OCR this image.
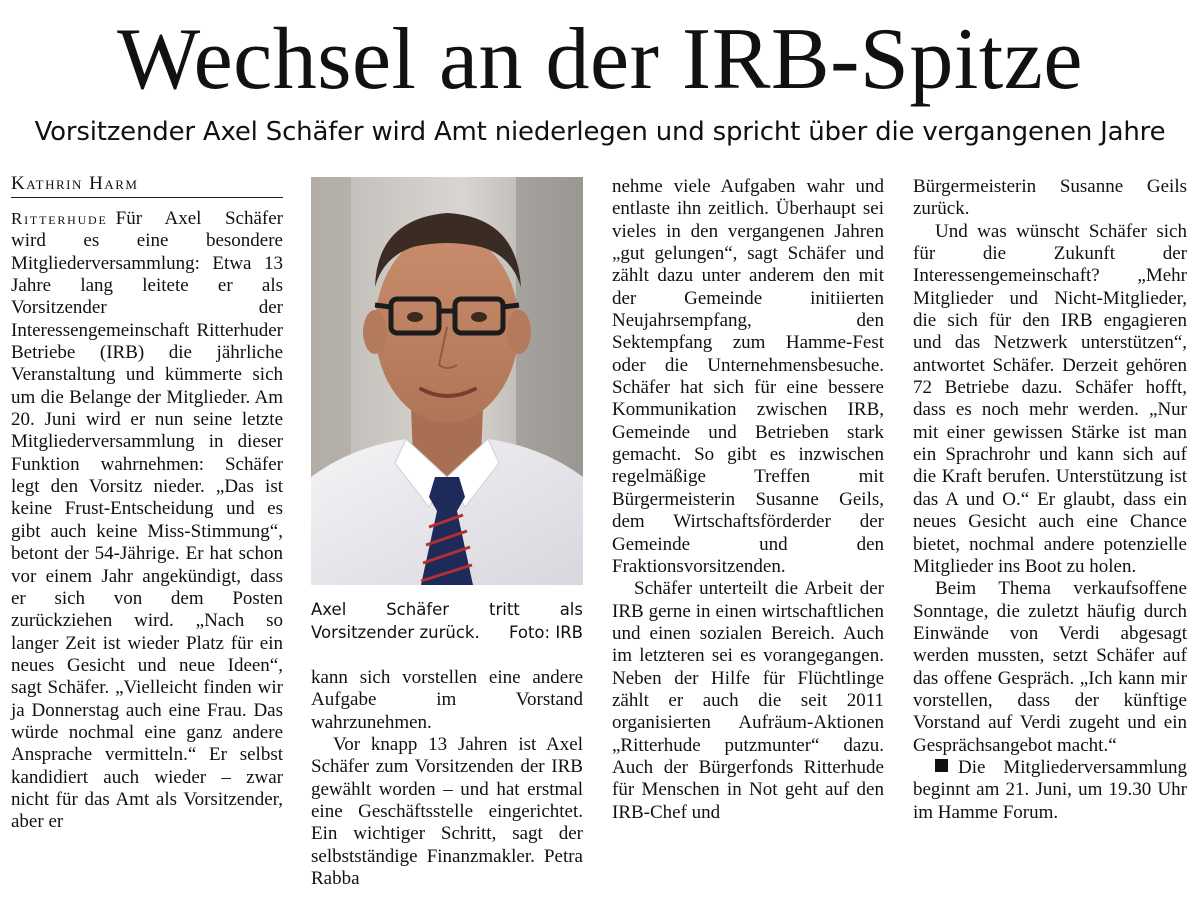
Wechsel an der IRB-Spitze
Vorsitzender Axel Schäfer wird Amt niederlegen und spricht über die vergangenen Jahre
Kathrin Harm

Ritterhude Für Axel Schäfer wird es eine besondere Mitgliederversammlung: Etwa 13 Jahre lang leitete er als Vorsitzender der Interessengemeinschaft Ritterhuder Betriebe (IRB) die jährliche Veranstaltung und kümmerte sich um die Belange der Mitglieder. Am 20. Juni wird er nun seine letzte Mitgliederversammlung in dieser Funktion wahrnehmen: Schäfer legt den Vorsitz nieder. „Das ist keine Frust-Entscheidung und es gibt auch keine Miss-Stimmung“, betont der 54-Jährige. Er hat schon vor einem Jahr angekündigt, dass er sich von dem Posten zurückziehen wird. „Nach so langer Zeit ist wieder Platz für ein neues Gesicht und neue Ideen“, sagt Schäfer. „Vielleicht finden wir ja Donnerstag auch eine Frau. Das würde nochmal eine ganz andere Ansprache vermitteln.“ Er selbst kandidiert auch wieder – zwar nicht für das Amt als Vorsitzender, aber er

Axel Schäfer tritt als Vorsitzender zurück. Foto: IRB

kann sich vorstellen eine andere Aufgabe im Vorstand wahrzunehmen.

Vor knapp 13 Jahren ist Axel Schäfer zum Vorsitzenden der IRB gewählt worden – und hat erstmal eine Geschäftsstelle eingerichtet. Ein wichtiger Schritt, sagt der selbstständige Finanzmakler. Petra Rabba

nehme viele Aufgaben wahr und entlaste ihn zeitlich. Überhaupt sei vieles in den vergangenen Jahren „gut gelungen“, sagt Schäfer und zählt dazu unter anderem den mit der Gemeinde initiierten Neujahrsempfang, den Sektempfang zum Hamme-Fest oder die Unternehmensbesuche. Schäfer hat sich für eine bessere Kommunikation zwischen IRB, Gemeinde und Betrieben stark gemacht. So gibt es inzwischen regelmäßige Treffen mit Bürgermeisterin Susanne Geils, dem Wirtschaftsförderder der Gemeinde und den Fraktionsvorsitzenden.

Schäfer unterteilt die Arbeit der IRB gerne in einen wirtschaftlichen und einen sozialen Bereich. Auch im letzteren sei es vorangegangen. Neben der Hilfe für Flüchtlinge zählt er auch die seit 2011 organisierten Aufräum-Aktionen „Ritterhude putzmunter“ dazu. Auch der Bürgerfonds Ritterhude für Menschen in Not geht auf den IRB-Chef und

Bürgermeisterin Susanne Geils zurück.

Und was wünscht Schäfer sich für die Zukunft der Interessengemeinschaft? „Mehr Mitglieder und Nicht-Mitglieder, die sich für den IRB engagieren und das Netzwerk unterstützen“, antwortet Schäfer. Derzeit gehören 72 Betriebe dazu. Schäfer hofft, dass es noch mehr werden. „Nur mit einer gewissen Stärke ist man ein Sprachrohr und kann sich auf die Kraft berufen. Unterstützung ist das A und O.“ Er glaubt, dass ein neues Gesicht auch eine Chance bietet, nochmal andere potenzielle Mitglieder ins Boot zu holen.

Beim Thema verkaufsoffene Sonntage, die zuletzt häufig durch Einwände von Verdi abgesagt werden mussten, setzt Schäfer auf das offene Gespräch. „Ich kann mir vorstellen, dass der künftige Vorstand auf Verdi zugeht und ein Gesprächsangebot macht.“

Die Mitgliederversammlung beginnt am 21. Juni, um 19.30 Uhr im Hamme Forum.
